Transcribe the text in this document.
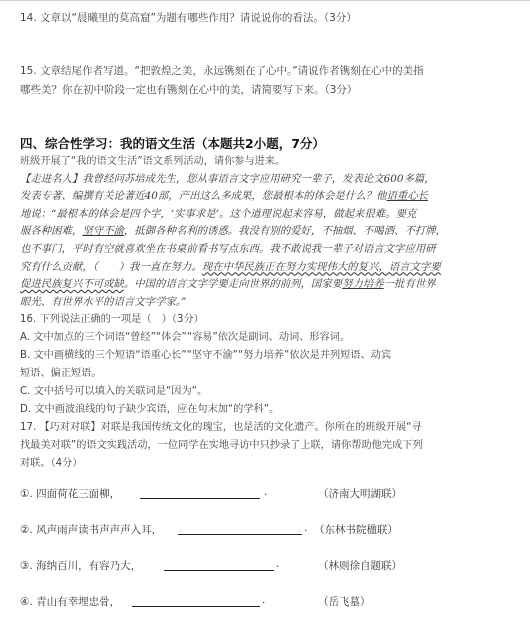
14. 文章以“晨曦里的莫高窟”为题有哪些作用？请说说你的看法。（3分）

15. 文章结尾作者写道。“把敦煌之美，永远镌刻在了心中。”请说作者镌刻在心中的美指

哪些美？你在初中阶段一定也有镌刻在心中的美，请简要写下来。（3分）

四、综合性学习：我的语文生活（本题共2小题，7分）

班级开展了“我的语文生活”语文系列活动，请你参与进来。

【走进名人】我曾经问苏培成先生，您从事语言文字应用研究一辈子，发表论文600多篇，

发表专著、编撰有关论著近40部，产出这么多成果，您最根本的体会是什么？他语重心长

地说：“最根本的体会是四个字，‘实事求是’。这个道理说起来容易，做起来很难。要克

服各种困难，坚守不渝，抵御各种名利的诱惑。我没有别的爱好，不抽烟、不喝酒、不打牌，

也不事门，平时有空就喜欢坐在书桌前看书写点东西。我不敢说我一辈子对语言文字应用研

究有什么贡献，（　　）我一直在努力。现在中华民族正在努力实现伟大的复兴，语言文字要

促进民族复兴不可或缺。中国的语言文字学要走向世界的前列，国家要努力培养一批有世界

眼光、有世界水平的语言文字学家。”

16. 下列说法正确的一项是（　）（3分）

A. 文中加点的三个词语“曾经”“体会”“容易”依次是副词、动词、形容词。

B. 文中画横线的三个短语“语重心长”“坚守不渝”“努力培养”依次是并列短语、动宾

短语、偏正短语。

C. 文中括号可以填入的关联词是“因为”。

D. 文中画波浪线的句子缺少宾语，应在句末加“的学科”。

17. 【巧对对联】对联是我国传统文化的瑰宝，也是活的文化遗产。你所在的班级开展“寻

找最美对联”的语文实践活动，一位同学在实地寻访中只抄录了上联，请你帮助他完成下列

对联。（4分）

①. 四面荷花三面柳，	.	（济南大明湖联）
②. 风声雨声读书声声声入耳，	. （东林书院楹联）
③. 海纳百川，有容乃大，	.	（林则徐自题联）
④. 青山有幸埋忠骨，	.	（岳飞墓）
